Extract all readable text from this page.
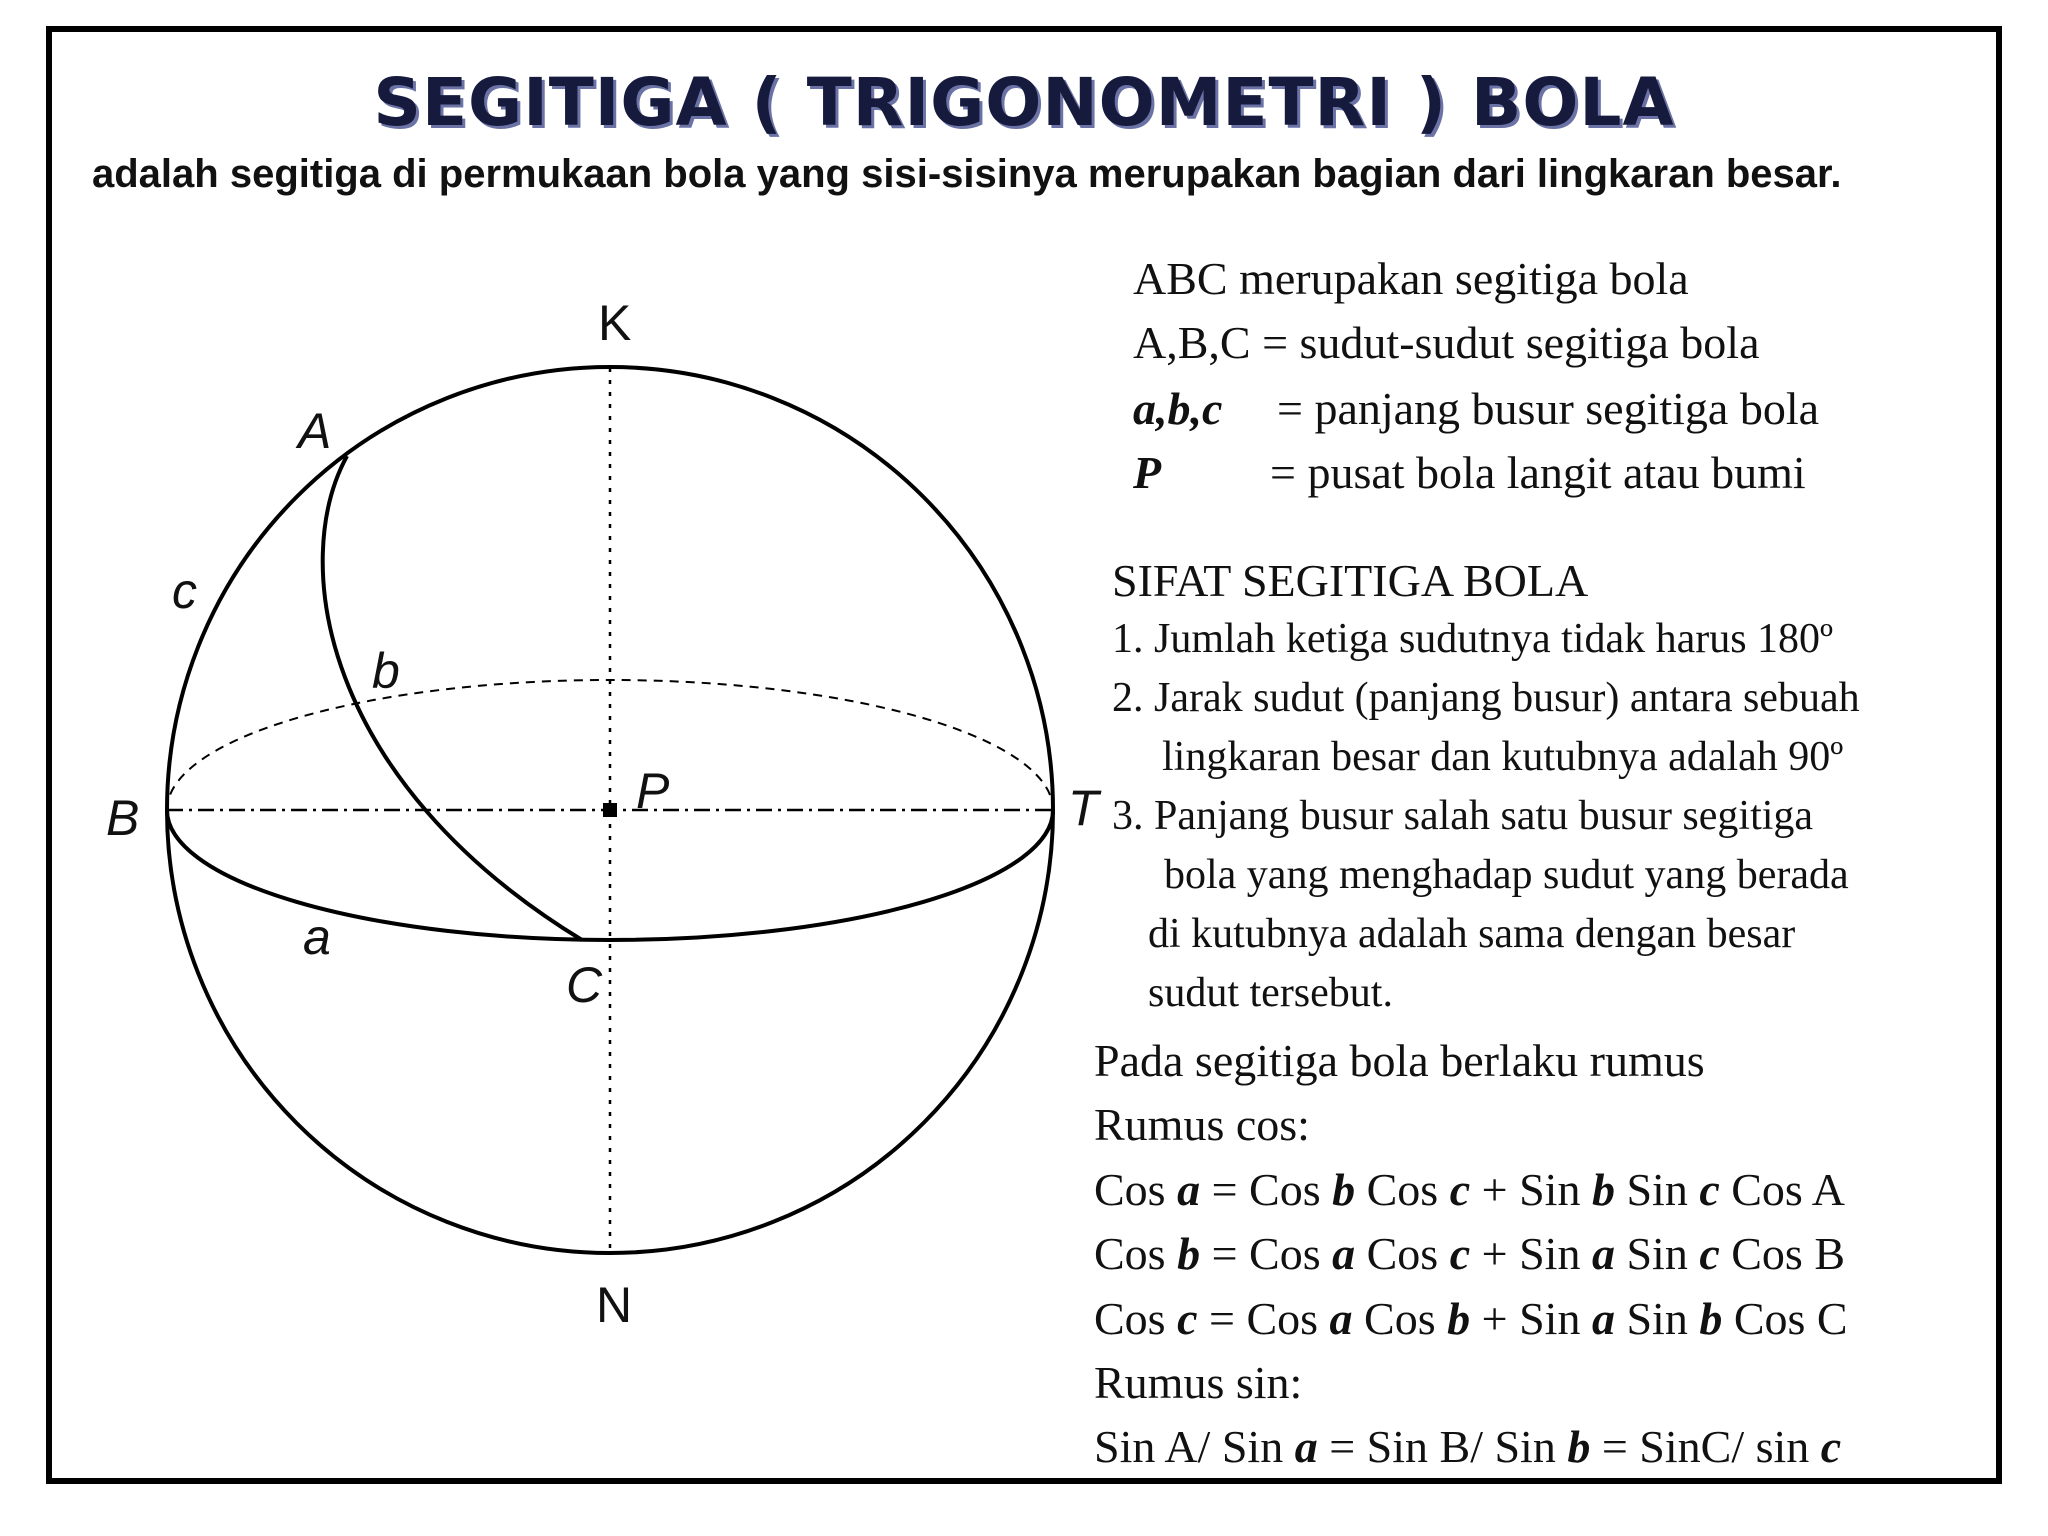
SEGITIGA ( TRIGONOMETRI ) BOLA
adalah segitiga di permukaan bola yang sisi-sisinya merupakan bagian dari lingkaran besar.
K
N
A
B
C
T
P
a
b
c
ABC merupakan segitiga bola
A,B,C = sudut-sudut segitiga bola
a,b,c = panjang busur segitiga bola
P = pusat bola langit atau bumi
SIFAT SEGITIGA BOLA
1. Jumlah ketiga sudutnya tidak harus 180º
2. Jarak sudut (panjang busur) antara sebuah
lingkaran besar dan kutubnya adalah 90º
3. Panjang busur salah satu busur segitiga
bola yang menghadap sudut yang berada
di kutubnya adalah sama dengan besar
sudut tersebut.
Pada segitiga bola berlaku rumus
Rumus cos:
Cos a = Cos b Cos c + Sin b Sin c Cos A
Cos b = Cos a Cos c + Sin a Sin c Cos B
Cos c = Cos a Cos b + Sin a Sin b Cos C
Rumus sin:
Sin A/ Sin a = Sin B/ Sin b = SinC/ sin c
